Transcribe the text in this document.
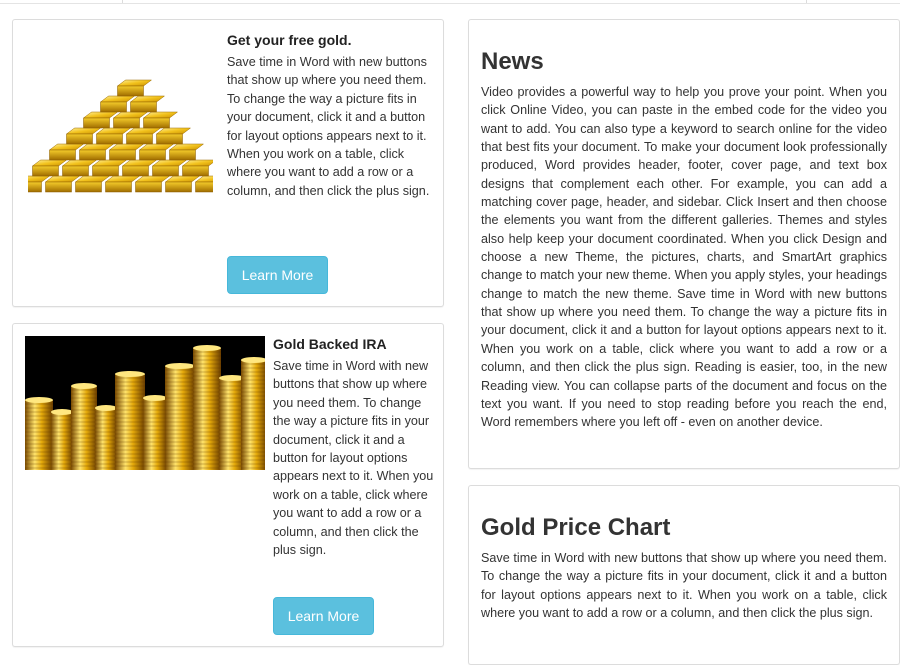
Get your free gold.

Save time in Word with new buttons that show up where you need them. To change the way a picture fits in your document, click it and a button for layout options appears next to it. When you work on a table, click where you want to add a row or a column, and then click the plus sign.

Learn More
Gold Backed IRA

Save time in Word with new buttons that show up where you need them. To change the way a picture fits in your document, click it and a button for layout options appears next to it. When you work on a table, click where you want to add a row or a column, and then click the plus sign.

Learn More
News

Video provides a powerful way to help you prove your point. When you click Online Video, you can paste in the embed code for the video you want to add. You can also type a keyword to search online for the video that best fits your document. To make your document look professionally produced, Word provides header, footer, cover page, and text box designs that complement each other. For example, you can add a matching cover page, header, and sidebar. Click Insert and then choose the elements you want from the different galleries. Themes and styles also help keep your document coordinated. When you click Design and choose a new Theme, the pictures, charts, and SmartArt graphics change to match your new theme. When you apply styles, your headings change to match the new theme. Save time in Word with new buttons that show up where you need them. To change the way a picture fits in your document, click it and a button for layout options appears next to it. When you work on a table, click where you want to add a row or a column, and then click the plus sign. Reading is easier, too, in the new Reading view. You can collapse parts of the document and focus on the text you want. If you need to stop reading before you reach the end, Word remembers where you left off - even on another device.

Gold Price Chart

Save time in Word with new buttons that show up where you need them. To change the way a picture fits in your document, click it and a button for layout options appears next to it. When you work on a table, click where you want to add a row or a column, and then click the plus sign.
